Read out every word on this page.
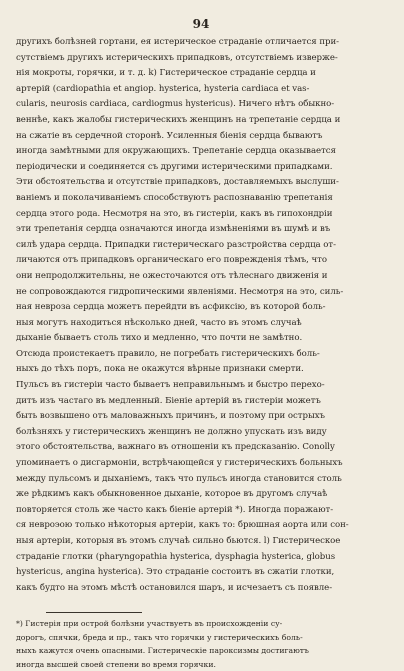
94
другихъ болѣзней гортани, ея истерическое страданіе отличается при-
сутствіемъ другихъ истерическихъ припадковъ, отсутствіемъ изверже-
нія мокроты, горячки, и т. д. k) Гистерическое страданіе сердца и
артерій (cardiopathia et angiop. hysterica, hysteria cardiaca et vas-
cularis, neurosis cardiaca, cardiogmus hystericus). Ничего нѣтъ обыкно-
веннѣе, какъ жалобы гистерическихъ женщинъ на трепетаніе сердца и
на сжатіе въ сердечной сторонѣ. Усиленныя біенія сердца бываютъ
иногда замѣтными для окружающихъ. Трепетаніе сердца оказывается
періодически и соединяется съ другими истерическими припадками.
Эти обстоятельства и отсутствіе припадковъ, доставляемыхъ выслуши-
ваніемъ и поколачиваніемъ способствуютъ распознаванію трепетанія
сердца этого рода. Несмотря на это, въ гистеріи, какъ въ гипохондріи
эти трепетанія сердца означаются иногда измѣненіями въ шумѣ и въ
силѣ удара сердца. Припадки гистерическаго разстройства сердца от-
личаются отъ припадковъ органическаго его поврежденія тѣмъ, что
они непродолжительны, не ожесточаются отъ тѣлеснаго движенія и
не сопровождаются гидропическими явленіями. Несмотря на это, силь-
ная невроза сердца можетъ перейдти въ асфиксію, въ которой боль-
ныя могутъ находиться нѣсколько дней, часто въ этомъ случаѣ
дыханіе бываетъ столь тихо и медленно, что почти не замѣтно.
Отсюда проистекаетъ правило, не погребать гистерическихъ боль-
ныхъ до тѣхъ поръ, пока не окажутся вѣрные признаки смерти.
Пульсъ въ гистеріи часто бываетъ неправильнымъ и быстро перехо-
дитъ изъ частаго въ медленный. Біеніе артерій въ гистеріи можетъ
быть возвышено отъ маловажныхъ причинъ, и поэтому при острыхъ
болѣзняхъ у гистерическихъ женщинъ не должно упускать изъ виду
этого обстоятельства, важнаго въ отношеніи къ предсказанію. Conolly
упоминаетъ о дисгармоніи, встрѣчающейся у гистерическихъ больныхъ
между пульсомъ и дыханіемъ, такъ что пульсъ иногда становится столь
же рѣдкимъ какъ обыкновенное дыханіе, которое въ другомъ случаѣ
повторяется столь же часто какъ біеніе артерій *). Иногда поражают-
ся невроэою только нѣкоторыя артеріи, какъ то: брюшная аорта или сон-
ныя артеріи, которыя въ этомъ случаѣ сильно бьются. l) Гистерическое
страданіе глотки (pharyngopathia hysterica, dysphagia hysterica, globus
hystericus, angina hysterica). Это страданіе состоитъ въ сжатіи глотки,
какъ будто на этомъ мѣстѣ остановился шаръ, и исчезаетъ съ появле-
*) Гистерія при острой болѣзни участвуетъ въ происхожденіи су-
дорогъ, спячки, бреда и пр., такъ что горячки у гистерическихъ боль-
ныхъ кажутся очень опасными. Гистерическіе пароксизмы достигаютъ
иногда высшей своей степени во время горячки.
